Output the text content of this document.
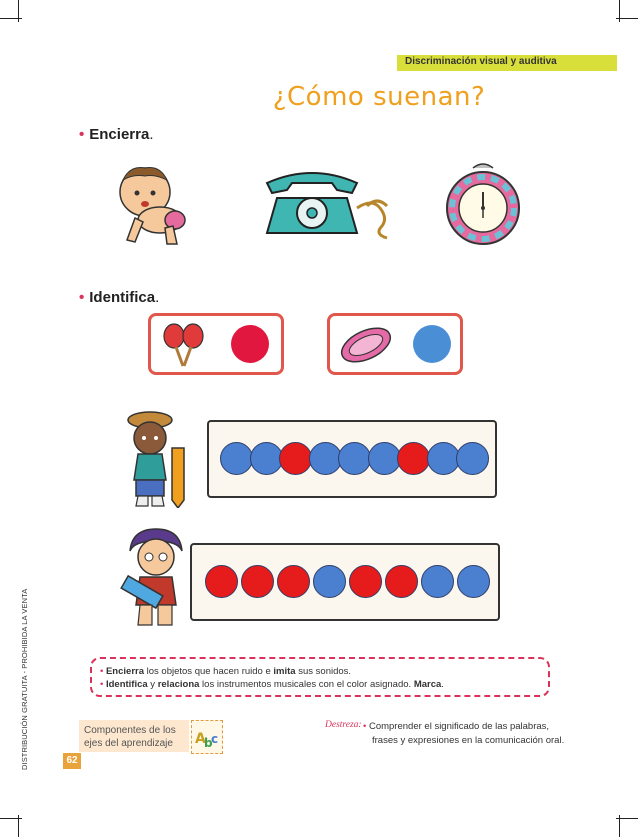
Discriminación visual y auditiva
¿Cómo suenan?
• Encierra.
• Identifica.
DISTRIBUCIÓN GRATUITA - PROHIBIDA LA VENTA	• Encierra los objetos que hacen ruido e imita sus sonidos.
• Identifica y relaciona los instrumentos musicales con el color asignado. Marca.
Componentes de los
ejes del aprendizaje A
b
c
Destreza: • Comprender el significado de las palabras,
frases y expresiones en la comunicación oral.
62
